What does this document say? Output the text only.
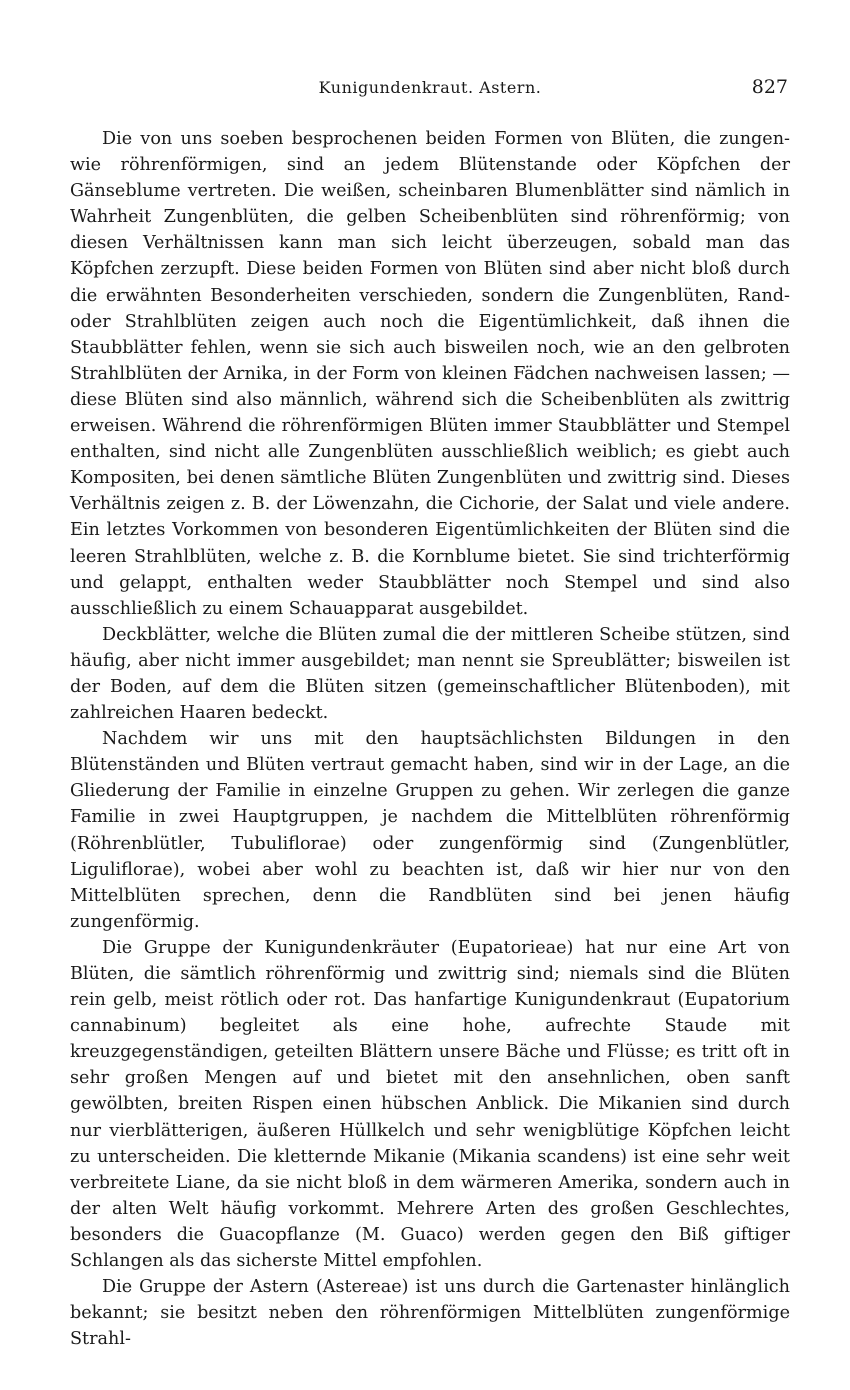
Kunigundenkraut. Astern.	827

Die von uns soeben besprochenen beiden Formen von Blüten, die zungen- wie röhrenförmigen, sind an jedem Blütenstande oder Köpfchen der Gänseblume vertreten. Die weißen, scheinbaren Blumenblätter sind nämlich in Wahrheit Zungenblüten, die gelben Scheibenblüten sind röhrenförmig; von diesen Verhältnissen kann man sich leicht überzeugen, sobald man das Köpfchen zerzupft. Diese beiden Formen von Blüten sind aber nicht bloß durch die erwähnten Besonderheiten verschieden, sondern die Zungenblüten, Rand- oder Strahlblüten zeigen auch noch die Eigentümlichkeit, daß ihnen die Staubblätter fehlen, wenn sie sich auch bisweilen noch, wie an den gelbroten Strahlblüten der Arnika, in der Form von kleinen Fädchen nachweisen lassen; — diese Blüten sind also männlich, während sich die Scheibenblüten als zwittrig erweisen. Während die röhrenförmigen Blüten immer Staubblätter und Stempel enthalten, sind nicht alle Zungenblüten ausschließlich weiblich; es giebt auch Kompositen, bei denen sämtliche Blüten Zungenblüten und zwittrig sind. Dieses Verhältnis zeigen z. B. der Löwenzahn, die Cichorie, der Salat und viele andere. Ein letztes Vorkommen von besonderen Eigentümlichkeiten der Blüten sind die leeren Strahlblüten, welche z. B. die Kornblume bietet. Sie sind trichterförmig und gelappt, enthalten weder Staubblätter noch Stempel und sind also ausschließlich zu einem Schauapparat ausgebildet.

Deckblätter, welche die Blüten zumal die der mittleren Scheibe stützen, sind häufig, aber nicht immer ausgebildet; man nennt sie Spreublätter; bisweilen ist der Boden, auf dem die Blüten sitzen (gemeinschaftlicher Blütenboden), mit zahlreichen Haaren bedeckt.

Nachdem wir uns mit den hauptsächlichsten Bildungen in den Blütenständen und Blüten vertraut gemacht haben, sind wir in der Lage, an die Gliederung der Familie in einzelne Gruppen zu gehen. Wir zerlegen die ganze Familie in zwei Hauptgruppen, je nachdem die Mittelblüten röhrenförmig (Röhrenblütler, Tubuliflorae) oder zungenförmig sind (Zungenblütler, Liguliflorae), wobei aber wohl zu beachten ist, daß wir hier nur von den Mittelblüten sprechen, denn die Randblüten sind bei jenen häufig zungenförmig.

Die Gruppe der Kunigundenkräuter (Eupatorieae) hat nur eine Art von Blüten, die sämtlich röhrenförmig und zwittrig sind; niemals sind die Blüten rein gelb, meist rötlich oder rot. Das hanfartige Kunigundenkraut (Eupatorium cannabinum) begleitet als eine hohe, aufrechte Staude mit kreuzgegenständigen, geteilten Blättern unsere Bäche und Flüsse; es tritt oft in sehr großen Mengen auf und bietet mit den ansehnlichen, oben sanft gewölbten, breiten Rispen einen hübschen Anblick. Die Mikanien sind durch nur vierblätterigen, äußeren Hüllkelch und sehr wenigblütige Köpfchen leicht zu unterscheiden. Die kletternde Mikanie (Mikania scandens) ist eine sehr weit verbreitete Liane, da sie nicht bloß in dem wärmeren Amerika, sondern auch in der alten Welt häufig vorkommt. Mehrere Arten des großen Geschlechtes, besonders die Guacopflanze (M. Guaco) werden gegen den Biß giftiger Schlangen als das sicherste Mittel empfohlen.

Die Gruppe der Astern (Astereae) ist uns durch die Gartenaster hinlänglich bekannt; sie besitzt neben den röhrenförmigen Mittelblüten zungenförmige Strahl-
